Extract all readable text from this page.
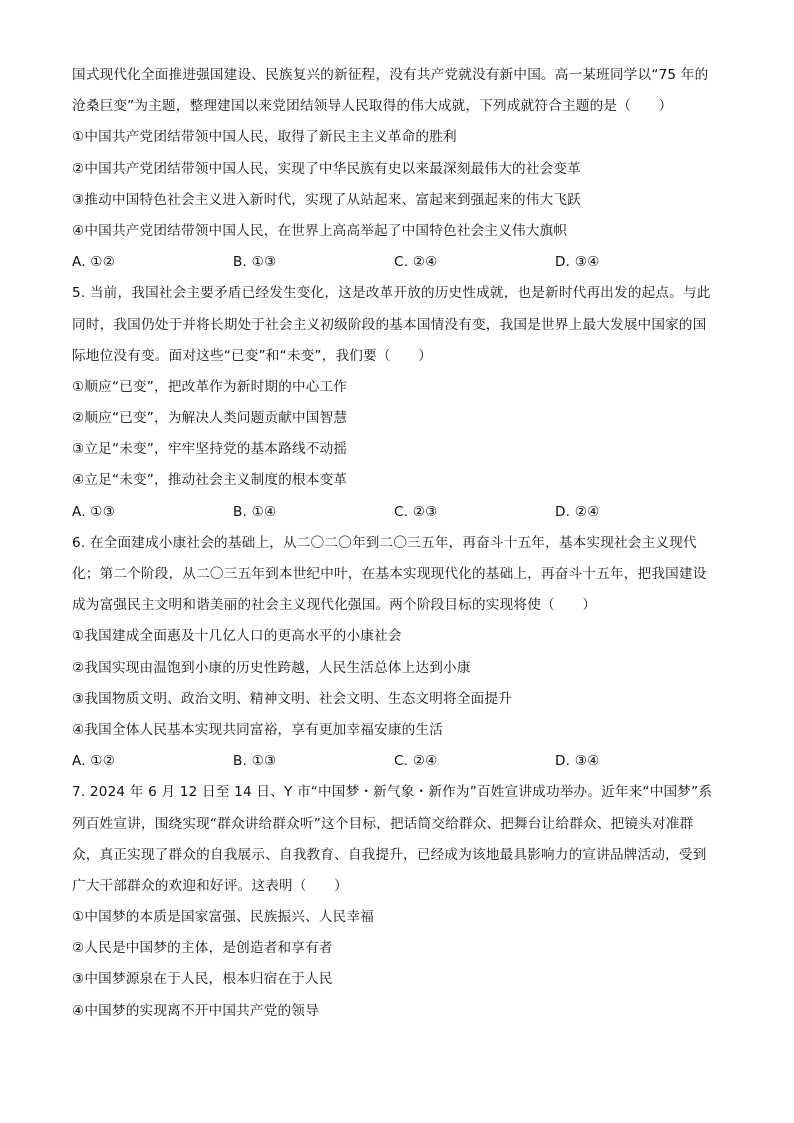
国式现代化全面推进强国建设、民族复兴的新征程，没有共产党就没有新中国。高一某班同学以“75 年的
沧桑巨变”为主题，整理建国以来党团结领导人民取得的伟大成就，下列成就符合主题的是（　　）
①中国共产党团结带领中国人民，取得了新民主主义革命的胜利
②中国共产党团结带领中国人民，实现了中华民族有史以来最深刻最伟大的社会变革
③推动中国特色社会主义进入新时代，实现了从站起来、富起来到强起来的伟大飞跃
④中国共产党团结带领中国人民，在世界上高高举起了中国特色社会主义伟大旗帜
A. ①②	B. ①③	C. ②④	D. ③④
5. 当前，我国社会主要矛盾已经发生变化，这是改革开放的历史性成就，也是新时代再出发的起点。与此
同时，我国仍处于并将长期处于社会主义初级阶段的基本国情没有变，我国是世界上最大发展中国家的国
际地位没有变。面对这些“已变”和“未变”，我们要（　　）
①顺应“已变”，把改革作为新时期的中心工作
②顺应“已变”，为解决人类问题贡献中国智慧
③立足“未变”，牢牢坚持党的基本路线不动摇
④立足“未变”，推动社会主义制度的根本变革
A. ①③	B. ①④	C. ②③	D. ②④
6. 在全面建成小康社会的基础上，从二〇二〇年到二〇三五年，再奋斗十五年，基本实现社会主义现代
化；第二个阶段，从二〇三五年到本世纪中叶，在基本实现现代化的基础上，再奋斗十五年，把我国建设
成为富强民主文明和谐美丽的社会主义现代化强国。两个阶段目标的实现将使（　　）
①我国建成全面惠及十几亿人口的更高水平的小康社会
②我国实现由温饱到小康的历史性跨越，人民生活总体上达到小康
③我国物质文明、政治文明、精神文明、社会文明、生态文明将全面提升
④我国全体人民基本实现共同富裕，享有更加幸福安康的生活
A. ①②	B. ①③	C. ②④	D. ③④
7. 2024 年 6 月 12 日至 14 日、Y 市“中国梦・新气象・新作为”百姓宣讲成功举办。近年来“中国梦”系
列百姓宣讲，围绕实现“群众讲给群众听”这个目标，把话筒交给群众、把舞台让给群众、把镜头对准群
众，真正实现了群众的自我展示、自我教育、自我提升，已经成为该地最具影响力的宣讲品牌活动，受到
广大干部群众的欢迎和好评。这表明（　　）
①中国梦的本质是国家富强、民族振兴、人民幸福
②人民是中国梦的主体，是创造者和享有者
③中国梦源泉在于人民，根本归宿在于人民
④中国梦的实现离不开中国共产党的领导
